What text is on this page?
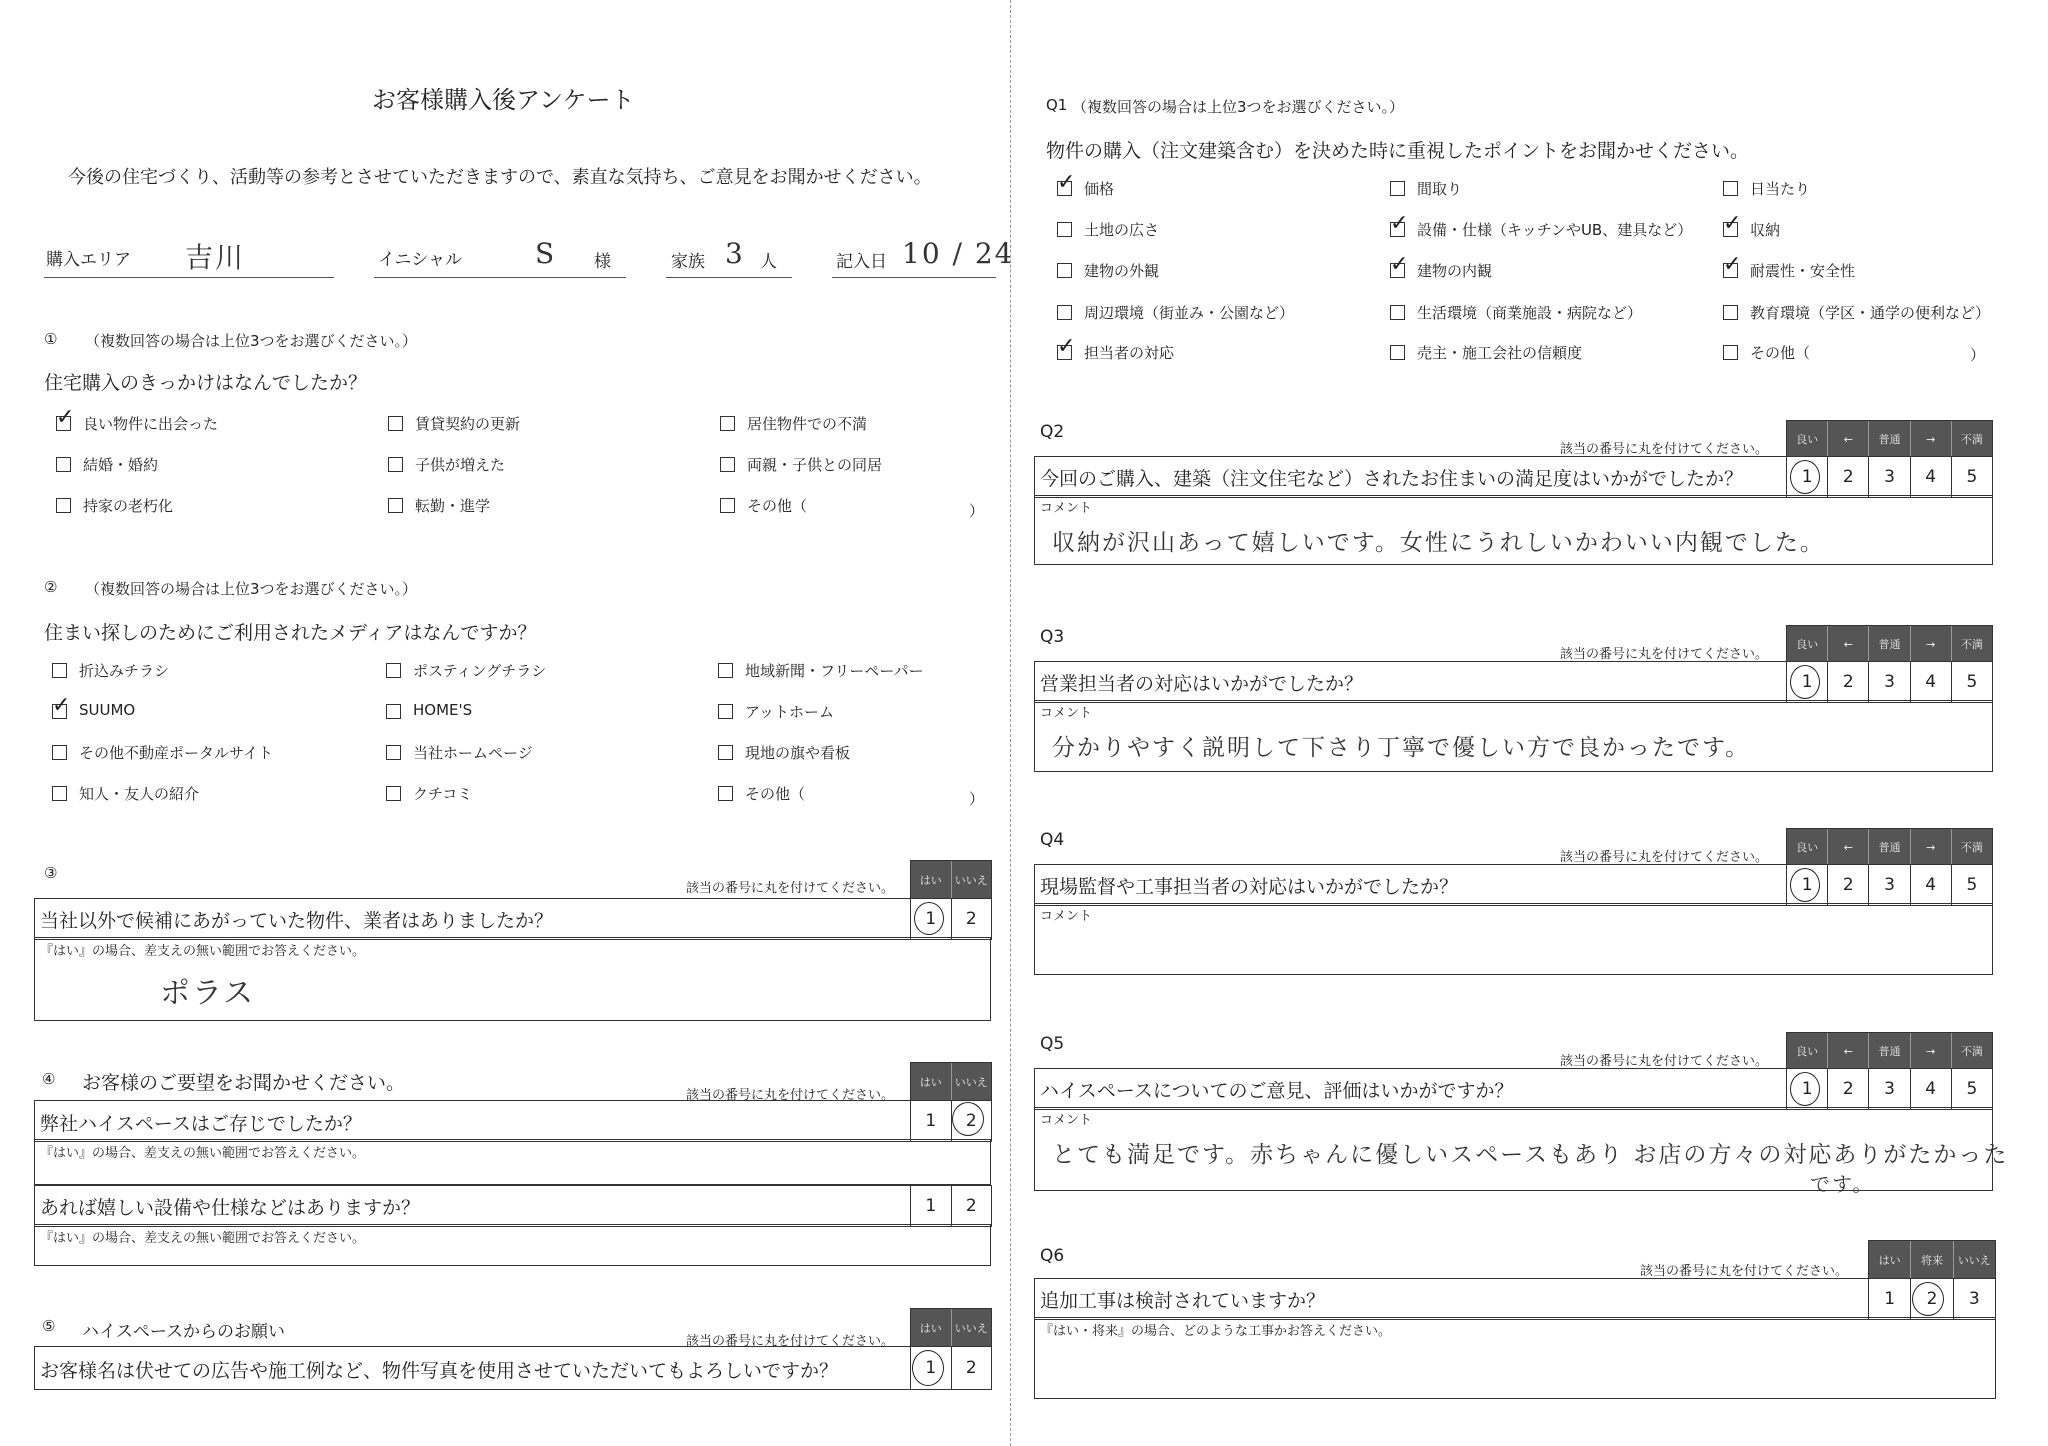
お客様購入後アンケート
今後の住宅づくり、活動等の参考とさせていただきますので、素直な気持ち、ご意見をお聞かせください。
購入エリア 吉川	イニシャル	S 様	家族 3 人	記入日 10 / 24
① （複数回答の場合は上位3つをお選びください。）
住宅購入のきっかけはなんでしたか？
✓
良い物件に出会った	賃貸契約の更新	居住物件での不満
結婚・婚約	子供が増えた	両親・子供との同居
持家の老朽化	転勤・進学	その他（	）
② （複数回答の場合は上位3つをお選びください。）
住まい探しのためにご利用されたメディアはなんですか？
折込みチラシ	ポスティングチラシ	地域新聞・フリーペーパー
✓
SUUMO	HOME'S	アットホーム
その他不動産ポータルサイト	当社ホームページ	現地の旗や看板
知人・友人の紹介	クチコミ	その他（	）
③
該当の番号に丸を付けてください。
はい	いいえ
当社以外で候補にあがっていた物件、業者はありましたか？	1	2
『はい』の場合、差支えの無い範囲でお答えください。
ポラス
④ お客様のご要望をお聞かせください。
該当の番号に丸を付けてください。
はい	いいえ
弊社ハイスペースはご存じでしたか？	1	2
『はい』の場合、差支えの無い範囲でお答えください。
あれば嬉しい設備や仕様などはありますか？	1	2
『はい』の場合、差支えの無い範囲でお答えください。
⑤ ハイスペースからのお願い	該当の番号に丸を付けてください。
はい	いいえ
お客様名は伏せての広告や施工例など、物件写真を使用させていただいてもよろしいですか？	1	2
Q1 （複数回答の場合は上位3つをお選びください。）
物件の購入（注文建築含む）を決めた時に重視したポイントをお聞かせください。
✓
価格	間取り	日当たり
土地の広さ ✓	設備・仕様（キッチンやUB、建具など） ✓	収納
建物の外観 ✓	建物の内観 ✓	耐震性・安全性
周辺環境（街並み・公園など）	生活環境（商業施設・病院など）	教育環境（学区・通学の便利など）
✓
担当者の対応	売主・施工会社の信頼度	その他（	）
Q2
該当の番号に丸を付けてください。
良い	←	普通	→	不満
今回のご購入、建築（注文住宅など）されたお住まいの満足度はいかがでしたか？	1	2	3	4	5
コメント
収納が沢山あって嬉しいです。女性にうれしいかわいい内観でした。
Q3
該当の番号に丸を付けてください。
良い	←	普通	→	不満
営業担当者の対応はいかがでしたか？	1	2	3	4	5
コメント
分かりやすく説明して下さり丁寧で優しい方で良かったです。
Q4
該当の番号に丸を付けてください。
良い	←	普通	→	不満
現場監督や工事担当者の対応はいかがでしたか？	1	2	3	4	5
コメント
Q5
該当の番号に丸を付けてください。
良い	←	普通	→	不満
ハイスペースについてのご意見、評価はいかがですか？	1	2	3	4	5
コメント
とても満足です。赤ちゃんに優しいスペースもあり お店の方々の対応ありがたかった
です。
Q6
該当の番号に丸を付けてください。
はい	将来	いいえ
追加工事は検討されていますか？	1	2	3
『はい・将来』の場合、どのような工事かお答えください。
